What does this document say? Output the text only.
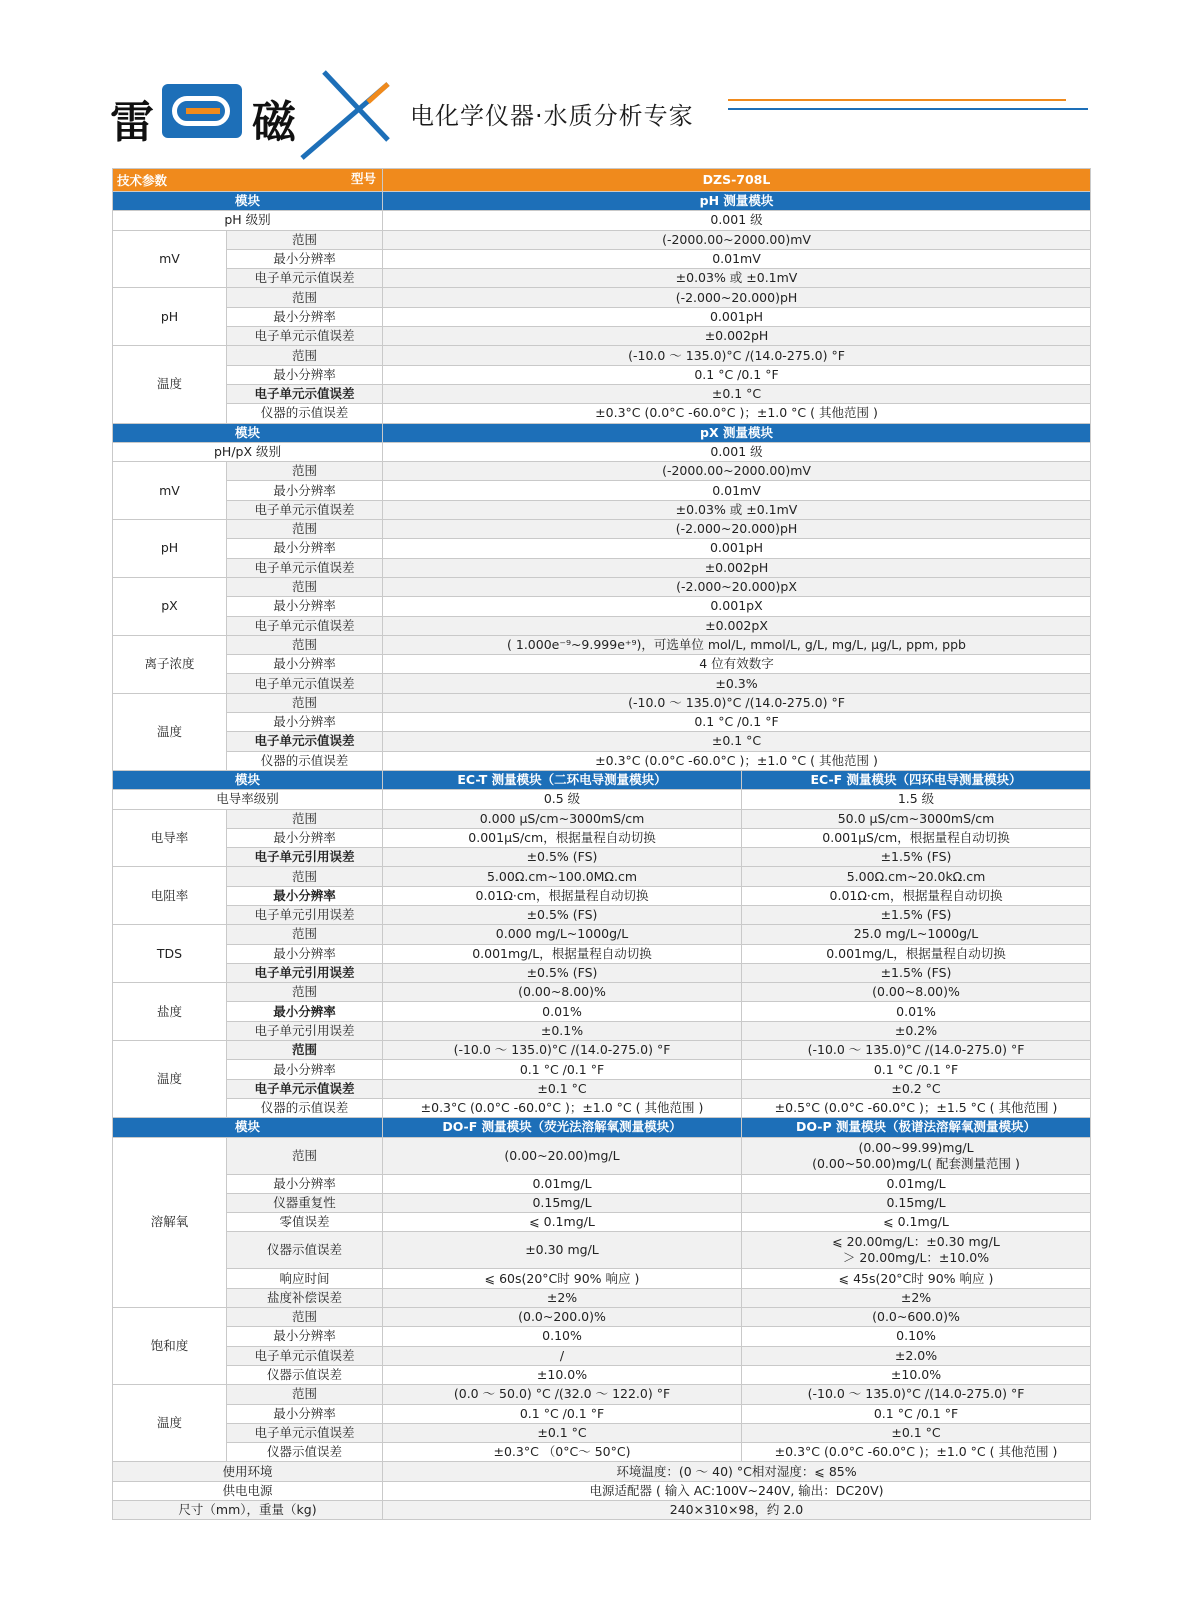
雷 磁	电化学仪器·水质分析专家
技术参数 型号		DZS-708L	
模块		pH 测量模块	
pH 级别		0.001 级	
mV	范围	(-2000.00~2000.00)mV	
	最小分辨率	0.01mV	
	电子单元示值误差	±0.03% 或 ±0.1mV	
pH	范围	(-2.000~20.000)pH	
	最小分辨率	0.001pH	
	电子单元示值误差	±0.002pH	
温度	范围	(-10.0 ～ 135.0)°C /(14.0-275.0) °F	
	最小分辨率	0.1 °C /0.1 °F	
	电子单元示值误差	±0.1 °C	
	仪器的示值误差	±0.3°C (0.0°C -60.0°C )；±1.0 °C ( 其他范围 )	
模块		pX 测量模块	
pH/pX 级别		0.001 级	
mV	范围	(-2000.00~2000.00)mV	
	最小分辨率	0.01mV	
	电子单元示值误差	±0.03% 或 ±0.1mV	
pH	范围	(-2.000~20.000)pH	
	最小分辨率	0.001pH	
	电子单元示值误差	±0.002pH	
pX	范围	(-2.000~20.000)pX	
	最小分辨率	0.001pX	
	电子单元示值误差	±0.002pX	
离子浓度	范围	( 1.000e⁻⁹~9.999e⁺⁹)，可选单位 mol/L, mmol/L, g/L, mg/L, μg/L, ppm, ppb	
	最小分辨率	4 位有效数字	
	电子单元示值误差	±0.3%	
温度	范围	(-10.0 ～ 135.0)°C /(14.0-275.0) °F	
	最小分辨率	0.1 °C /0.1 °F	
	电子单元示值误差	±0.1 °C	
	仪器的示值误差	±0.3°C (0.0°C -60.0°C )；±1.0 °C ( 其他范围 )	
模块		EC-T 测量模块（二环电导测量模块）	EC-F 测量模块（四环电导测量模块）
电导率级别		0.5 级	1.5 级
电导率	范围	0.000 μS/cm~3000mS/cm	50.0 μS/cm~3000mS/cm
	最小分辨率	0.001μS/cm，根据量程自动切换	0.001μS/cm，根据量程自动切换
	电子单元引用误差	±0.5% (FS)	±1.5% (FS)
电阻率	范围	5.00Ω.cm~100.0MΩ.cm	5.00Ω.cm~20.0kΩ.cm
	最小分辨率	0.01Ω·cm，根据量程自动切换	0.01Ω·cm，根据量程自动切换
	电子单元引用误差	±0.5% (FS)	±1.5% (FS)
TDS	范围	0.000 mg/L~1000g/L	25.0 mg/L~1000g/L
	最小分辨率	0.001mg/L，根据量程自动切换	0.001mg/L，根据量程自动切换
	电子单元引用误差	±0.5% (FS)	±1.5% (FS)
盐度	范围	(0.00~8.00)%	(0.00~8.00)%
	最小分辨率	0.01%	0.01%
	电子单元引用误差	±0.1%	±0.2%
温度	范围	(-10.0 ～ 135.0)°C /(14.0-275.0) °F	(-10.0 ～ 135.0)°C /(14.0-275.0) °F
	最小分辨率	0.1 °C /0.1 °F	0.1 °C /0.1 °F
	电子单元示值误差	±0.1 °C	±0.2 °C
	仪器的示值误差	±0.3°C (0.0°C -60.0°C )；±1.0 °C ( 其他范围 )	±0.5°C (0.0°C -60.0°C )；±1.5 °C ( 其他范围 )
模块		DO-F 测量模块（荧光法溶解氧测量模块）	DO-P 测量模块（极谱法溶解氧测量模块）
溶解氧	范围	(0.00~20.00)mg/L	(0.00~99.99)mg/L
(0.00~50.00)mg/L( 配套测量范围 )

	最小分辨率	0.01mg/L	0.01mg/L
	仪器重复性	0.15mg/L	0.15mg/L
	零值误差	⩽ 0.1mg/L	⩽ 0.1mg/L
	仪器示值误差	±0.30 mg/L	⩽ 20.00mg/L：±0.30 mg/L
＞ 20.00mg/L：±10.0%

	响应时间	⩽ 60s(20°C时 90% 响应 )	⩽ 45s(20°C时 90% 响应 )
	盐度补偿误差	±2%	±2%
饱和度	范围	(0.0~200.0)%	(0.0~600.0)%
	最小分辨率	0.10%	0.10%
	电子单元示值误差	/	±2.0%
	仪器示值误差	±10.0%	±10.0%
温度	范围	(0.0 ～ 50.0) °C /(32.0 ～ 122.0) °F	(-10.0 ～ 135.0)°C /(14.0-275.0) °F
	最小分辨率	0.1 °C /0.1 °F	0.1 °C /0.1 °F
	电子单元示值误差	±0.1 °C	±0.1 °C
	仪器示值误差	±0.3°C （0°C～ 50°C)	±0.3°C (0.0°C -60.0°C )；±1.0 °C ( 其他范围 )
使用环境		环境温度：(0 ～ 40) °C相对湿度：⩽ 85%	
供电电源		电源适配器 ( 输入 AC:100V~240V, 输出：DC20V)	
尺寸（mm），重量（kg)		240×310×98，约 2.0	
